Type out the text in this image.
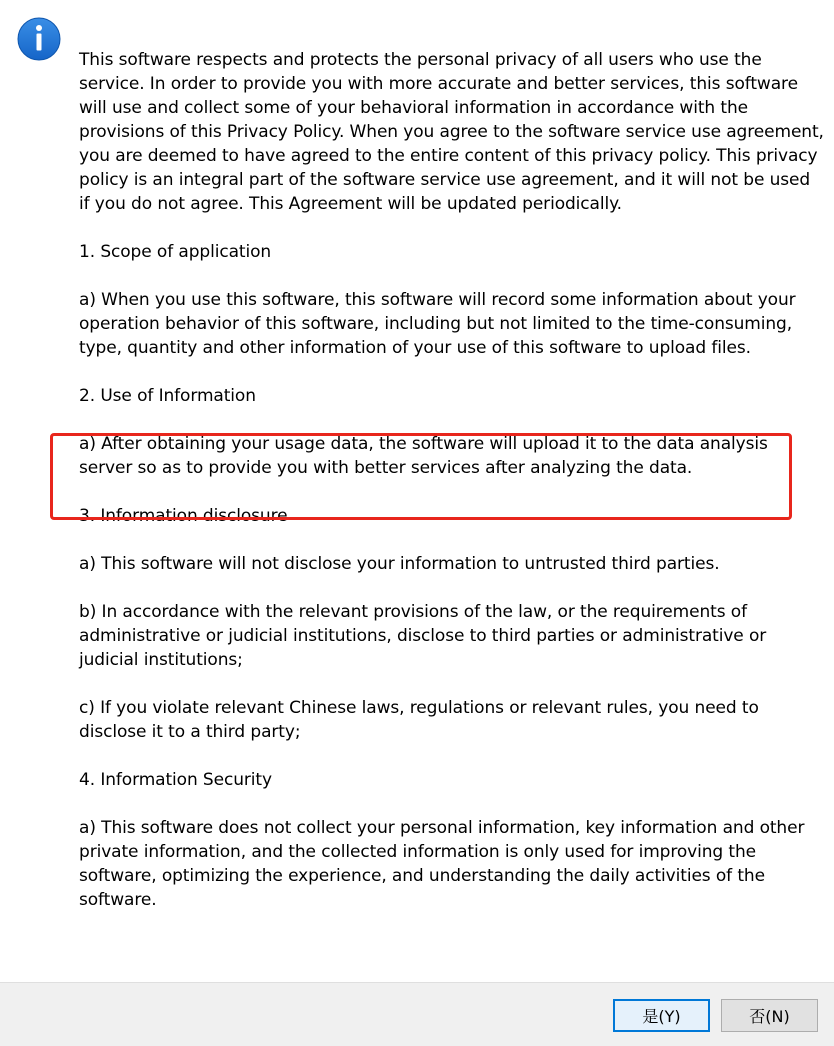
This software respects and protects the personal privacy of all users who use the service. In order to provide you with more accurate and better services, this software will use and collect some of your behavioral information in accordance with the provisions of this Privacy Policy. When you agree to the software service use agreement, you are deemed to have agreed to the entire content of this privacy policy. This privacy policy is an integral part of the software service use agreement, and it will not be used if you do not agree. This Agreement will be updated periodically.

1. Scope of application

a) When you use this software, this software will record some information about your operation behavior of this software, including but not limited to the time-consuming, type, quantity and other information of your use of this software to upload files.

2. Use of Information

a) After obtaining your usage data, the software will upload it to the data analysis server so as to provide you with better services after analyzing the data.

3. Information disclosure

a) This software will not disclose your information to untrusted third parties.

b) In accordance with the relevant provisions of the law, or the requirements of administrative or judicial institutions, disclose to third parties or administrative or judicial institutions;

c) If you violate relevant Chinese laws, regulations or relevant rules, you need to disclose it to a third party;

4. Information Security

a) This software does not collect your personal information, key information and other private information, and the collected information is only used for improving the software, optimizing the experience, and understanding the daily activities of the software.

是(Y)	否(N)
